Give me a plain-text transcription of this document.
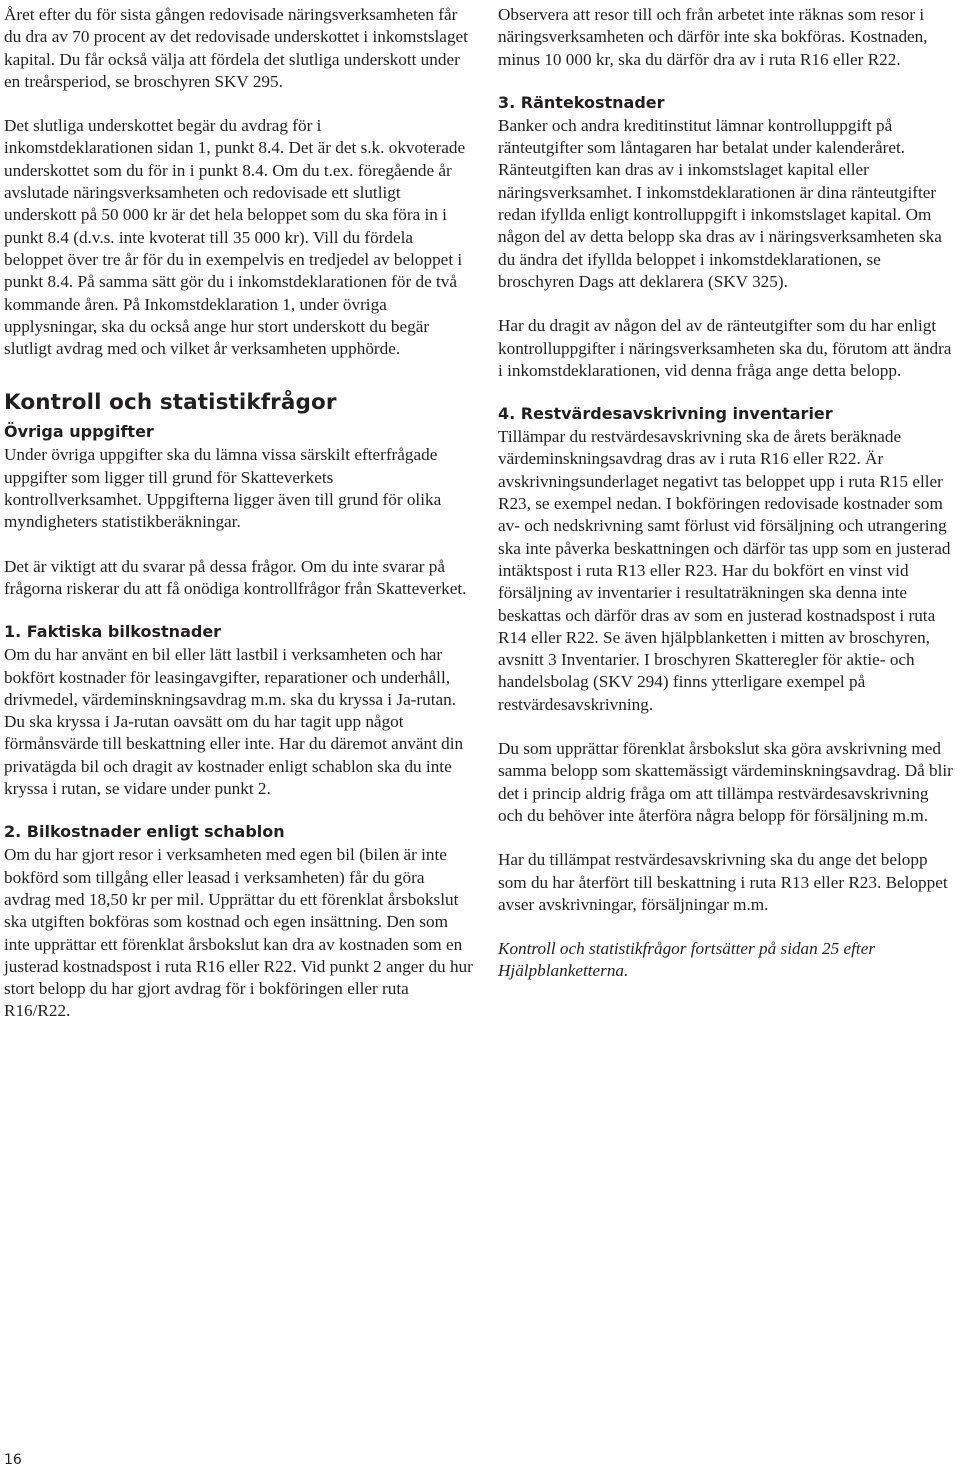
Året efter du för sista gången redovisade näringsverksamheten får du dra av 70 procent av det redovisade underskottet i inkomstslaget kapital. Du får också välja att fördela det slutliga underskott under en treårsperiod, se broschyren SKV 295.

Det slutliga underskottet begär du avdrag för i inkomstdeklarationen sidan 1, punkt 8.4. Det är det s.k. okvoterade underskottet som du för in i punkt 8.4. Om du t.ex. föregående år avslutade näringsverksamheten och redovisade ett slutligt underskott på 50 000 kr är det hela beloppet som du ska föra in i punkt 8.4 (d.v.s. inte kvoterat till 35 000 kr). Vill du fördela beloppet över tre år för du in exempelvis en tredjedel av beloppet i punkt 8.4. På samma sätt gör du i inkomstdeklarationen för de två kommande åren. På Inkomstdeklaration 1, under övriga upplysningar, ska du också ange hur stort underskott du begär slutligt avdrag med och vilket år verksamheten upphörde.

Kontroll och statistikfrågor
Övriga uppgifter

Under övriga uppgifter ska du lämna vissa särskilt efterfrågade uppgifter som ligger till grund för Skatteverkets kontrollverksamhet. Uppgifterna ligger även till grund för olika myndigheters statistikberäkningar.

Det är viktigt att du svarar på dessa frågor. Om du inte svarar på frågorna riskerar du att få onödiga kontrollfrågor från Skatteverket.

1. Faktiska bilkostnader

Om du har använt en bil eller lätt lastbil i verksamheten och har bokfört kostnader för leasingavgifter, reparationer och underhåll, drivmedel, värdeminskningsavdrag m.m. ska du kryssa i Ja-rutan. Du ska kryssa i Ja-rutan oavsätt om du har tagit upp något förmånsvärde till beskattning eller inte. Har du däremot använt din privatägda bil och dragit av kostnader enligt schablon ska du inte kryssa i rutan, se vidare under punkt 2.

2. Bilkostnader enligt schablon

Om du har gjort resor i verksamheten med egen bil (bilen är inte bokförd som tillgång eller leasad i verksamheten) får du göra avdrag med 18,50 kr per mil. Upprättar du ett förenklat årsbokslut ska utgiften bokföras som kostnad och egen insättning. Den som inte upprättar ett förenklat årsbokslut kan dra av kostnaden som en justerad kostnadspost i ruta R16 eller R22. Vid punkt 2 anger du hur stort belopp du har gjort avdrag för i bokföringen eller ruta R16/R22.

Observera att resor till och från arbetet inte räknas som resor i näringsverksamheten och därför inte ska bokföras. Kostnaden, minus 10 000 kr, ska du därför dra av i ruta R16 eller R22.

3. Räntekostnader

Banker och andra kreditinstitut lämnar kontrolluppgift på ränteutgifter som låntagaren har betalat under kalenderåret. Ränteutgiften kan dras av i inkomstslaget kapital eller näringsverksamhet. I inkomstdeklarationen är dina ränteutgifter redan ifyllda enligt kontrolluppgift i inkomstslaget kapital. Om någon del av detta belopp ska dras av i näringsverksamheten ska du ändra det ifyllda beloppet i inkomstdeklarationen, se broschyren Dags att deklarera (SKV 325).

Har du dragit av någon del av de ränteutgifter som du har enligt kontrolluppgifter i näringsverksamheten ska du, förutom att ändra i inkomstdeklarationen, vid denna fråga ange detta belopp.

4. Restvärdesavskrivning inventarier

Tillämpar du restvärdesavskrivning ska de årets beräknade värdeminskningsavdrag dras av i ruta R16 eller R22. Är avskrivningsunderlaget negativt tas beloppet upp i ruta R15 eller R23, se exempel nedan. I bokföringen redovisade kostnader som av- och nedskrivning samt förlust vid försäljning och utrangering ska inte påverka beskattningen och därför tas upp som en justerad intäktspost i ruta R13 eller R23. Har du bokfört en vinst vid försäljning av inventarier i resultaträkningen ska denna inte beskattas och därför dras av som en justerad kostnadspost i ruta R14 eller R22. Se även hjälpblanketten i mitten av broschyren, avsnitt 3 Inventarier. I broschyren Skatteregler för aktie- och handelsbolag (SKV 294) finns ytterligare exempel på restvärdesavskrivning.

Du som upprättar förenklat årsbokslut ska göra avskrivning med samma belopp som skattemässigt värdeminskningsavdrag. Då blir det i princip aldrig fråga om att tillämpa restvärdesavskrivning och du behöver inte återföra några belopp för försäljning m.m.

Har du tillämpat restvärdesavskrivning ska du ange det belopp som du har återfört till beskattning i ruta R13 eller R23. Beloppet avser avskrivningar, försäljningar m.m.

Kontroll och statistikfrågor fortsätter på sidan 25 efter Hjälpblanketterna.

16
